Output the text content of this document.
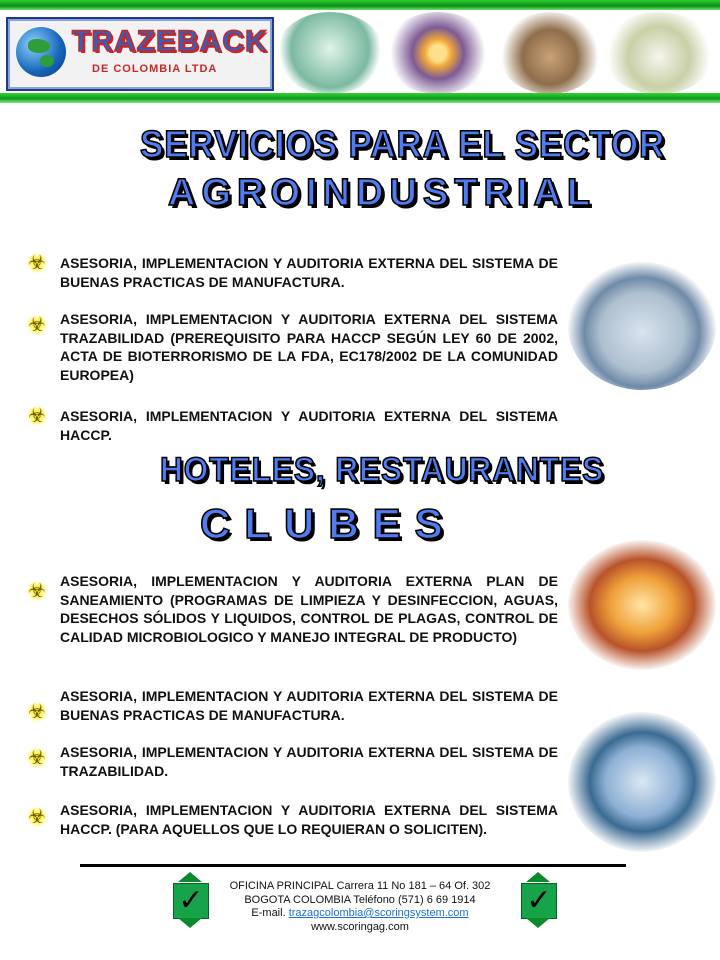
TRAZEBACK
DE COLOMBIA LTDA
SERVICIOS PARA EL SECTOR
AGROINDUSTRIAL
☣ ASESORIA, IMPLEMENTACION Y AUDITORIA EXTERNA DEL SISTEMA DE BUENAS PRACTICAS DE MANUFACTURA.
☣ ASESORIA, IMPLEMENTACION Y AUDITORIA EXTERNA DEL SISTEMA TRAZABILIDAD (PREREQUISITO PARA HACCP SEGÚN LEY 60 DE 2002, ACTA DE BIOTERRORISMO DE LA FDA, EC178/2002 DE LA COMUNIDAD EUROPEA)
☣ ASESORIA, IMPLEMENTACION Y AUDITORIA EXTERNA DEL SISTEMA HACCP.
HOTELES, RESTAURANTES
CLUBES
☣ ASESORIA, IMPLEMENTACION Y AUDITORIA EXTERNA PLAN DE SANEAMIENTO (PROGRAMAS DE LIMPIEZA Y DESINFECCION, AGUAS, DESECHOS SÓLIDOS Y LIQUIDOS, CONTROL DE PLAGAS, CONTROL DE CALIDAD MICROBIOLOGICO Y MANEJO INTEGRAL DE PRODUCTO)
☣
ASESORIA, IMPLEMENTACION Y AUDITORIA EXTERNA DEL SISTEMA DE BUENAS PRACTICAS DE MANUFACTURA.
☣ ASESORIA, IMPLEMENTACION Y AUDITORIA EXTERNA DEL SISTEMA DE TRAZABILIDAD.
☣ ASESORIA, IMPLEMENTACION Y AUDITORIA EXTERNA DEL SISTEMA HACCP. (PARA AQUELLOS QUE LO REQUIERAN O SOLICITEN).
✓	✓
OFICINA PRINCIPAL Carrera 11 No 181 – 64 Of. 302
BOGOTA COLOMBIA Teléfono (571) 6 69 1914
E-mail. trazagcolombia@scoringsystem.com
www.scoringag.com
